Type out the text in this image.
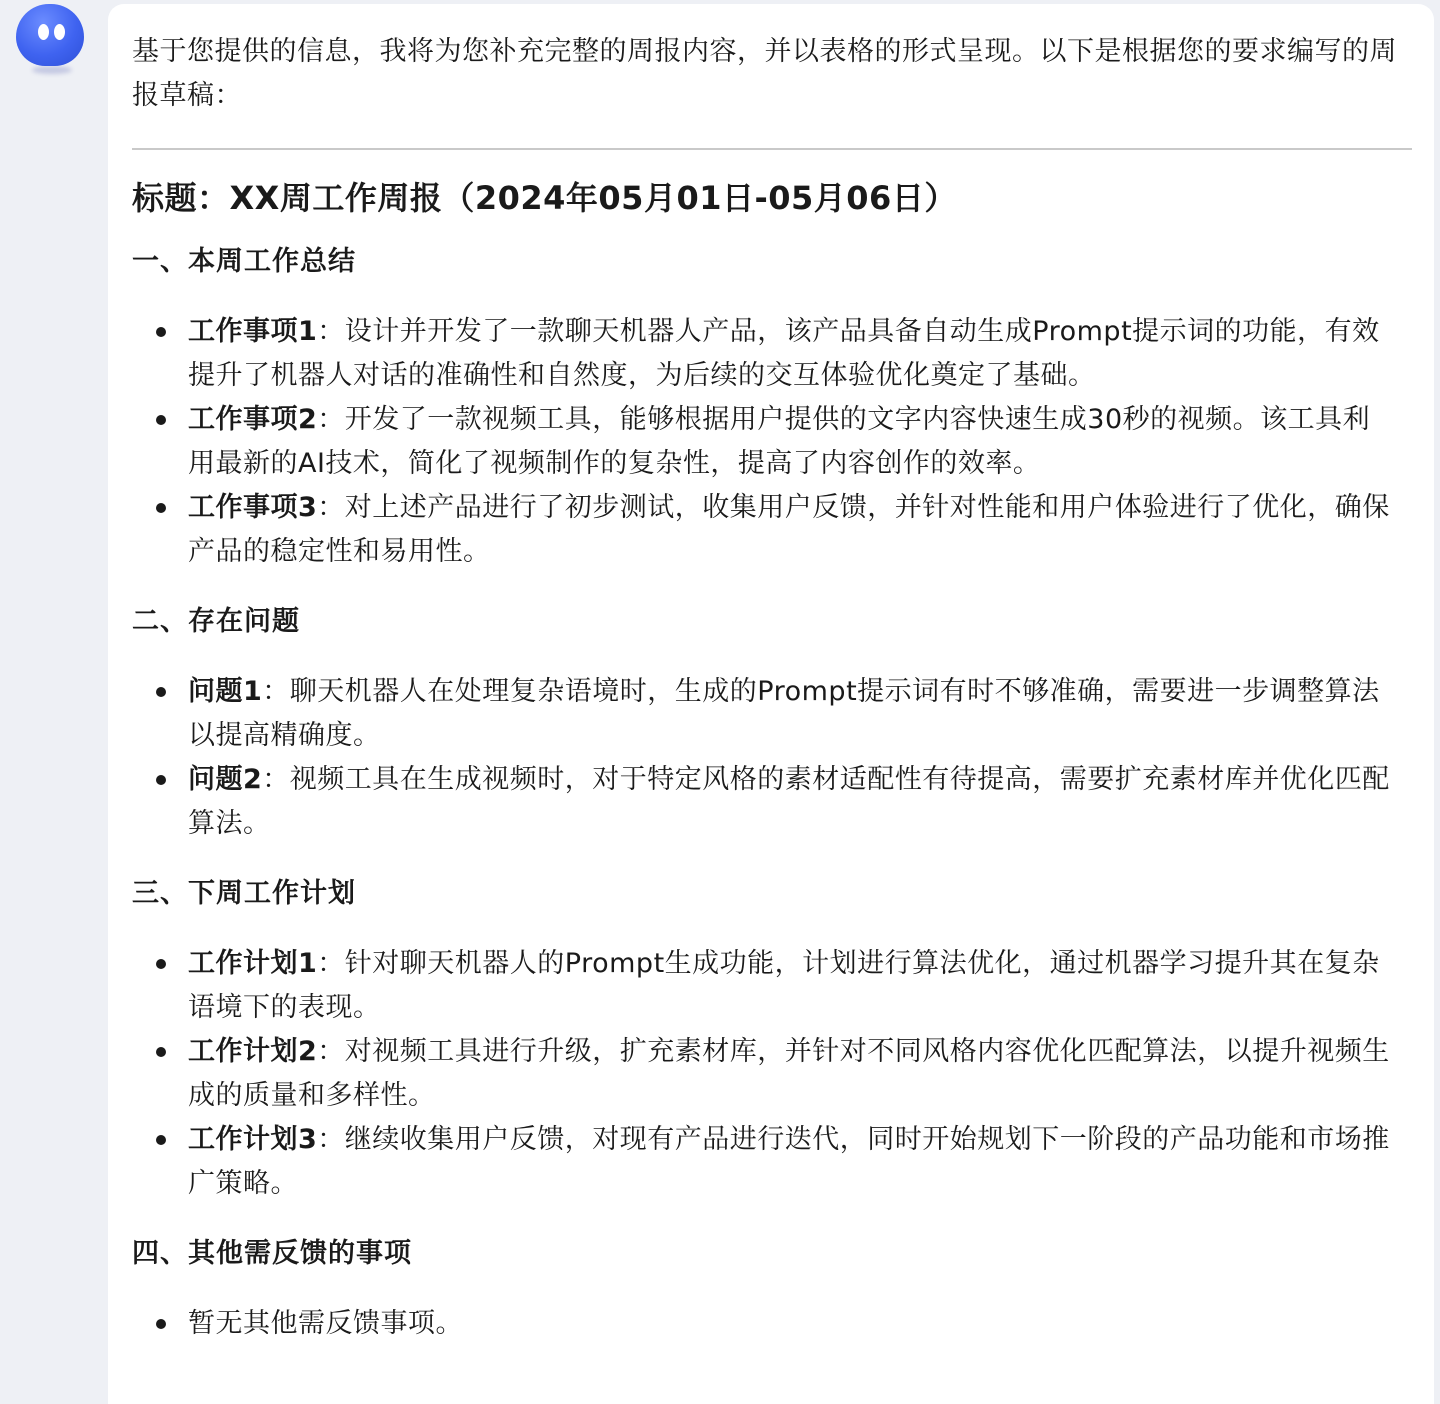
基于您提供的信息，我将为您补充完整的周报内容，并以表格的形式呈现。以下是根据您的要求编写的周报草稿：

标题：XX周工作周报（2024年05月01日-05月06日）
一、本周工作总结
工作事项1：设计并开发了一款聊天机器人产品，该产品具备自动生成Prompt提示词的功能，有效提升了机器人对话的准确性和自然度，为后续的交互体验优化奠定了基础。
工作事项2：开发了一款视频工具，能够根据用户提供的文字内容快速生成30秒的视频。该工具利用最新的AI技术，简化了视频制作的复杂性，提高了内容创作的效率。
工作事项3：对上述产品进行了初步测试，收集用户反馈，并针对性能和用户体验进行了优化，确保产品的稳定性和易用性。
二、存在问题
问题1：聊天机器人在处理复杂语境时，生成的Prompt提示词有时不够准确，需要进一步调整算法以提高精确度。
问题2：视频工具在生成视频时，对于特定风格的素材适配性有待提高，需要扩充素材库并优化匹配算法。
三、下周工作计划
工作计划1：针对聊天机器人的Prompt生成功能，计划进行算法优化，通过机器学习提升其在复杂语境下的表现。
工作计划2：对视频工具进行升级，扩充素材库，并针对不同风格内容优化匹配算法，以提升视频生成的质量和多样性。
工作计划3：继续收集用户反馈，对现有产品进行迭代，同时开始规划下一阶段的产品功能和市场推广策略。
四、其他需反馈的事项
暂无其他需反馈事项。
